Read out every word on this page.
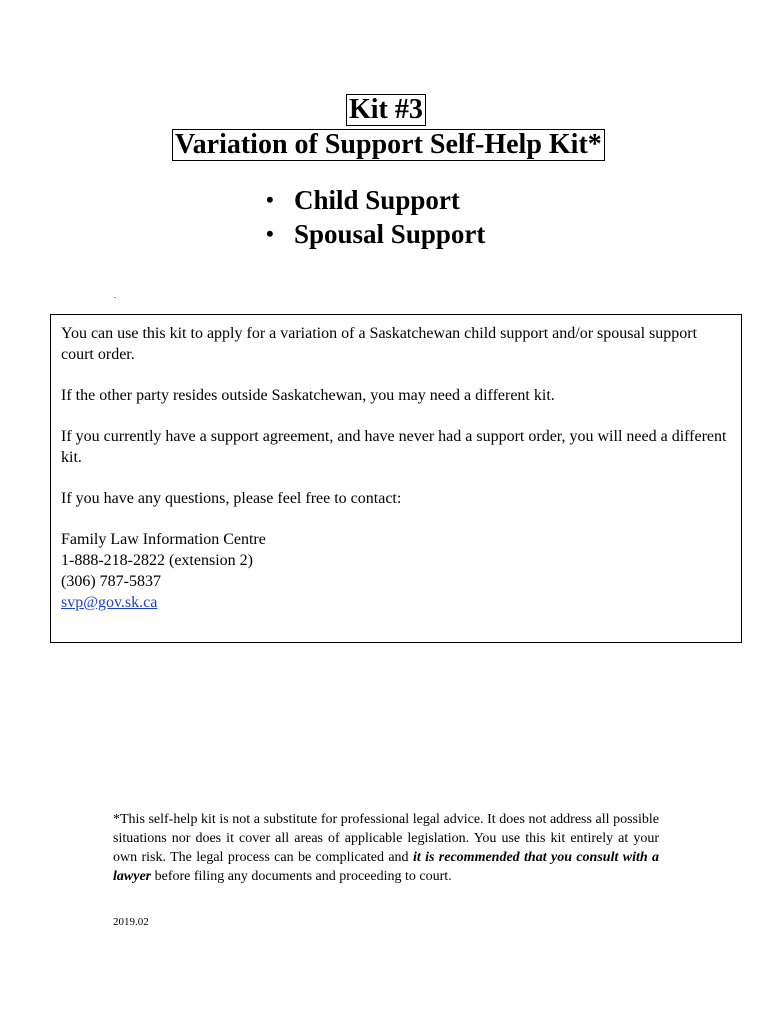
Kit #3
Variation of Support Self-Help Kit*
• Child Support
• Spousal Support
.

You can use this kit to apply for a variation of a Saskatchewan child support and/or spousal support court order.

If the other party resides outside Saskatchewan, you may need a different kit.

If you currently have a support agreement, and have never had a support order, you will need a different kit.

If you have any questions, please feel free to contact:

Family Law Information Centre
1-888-218-2822 (extension 2)
(306) 787-5837
svp@gov.sk.ca
*This self-help kit is not a substitute for professional legal advice. It does not address all possible situations nor does it cover all areas of applicable legislation. You use this kit entirely at your own risk. The legal process can be complicated and it is recommended that you consult with a lawyer before filing any documents and proceeding to court.
2019.02
